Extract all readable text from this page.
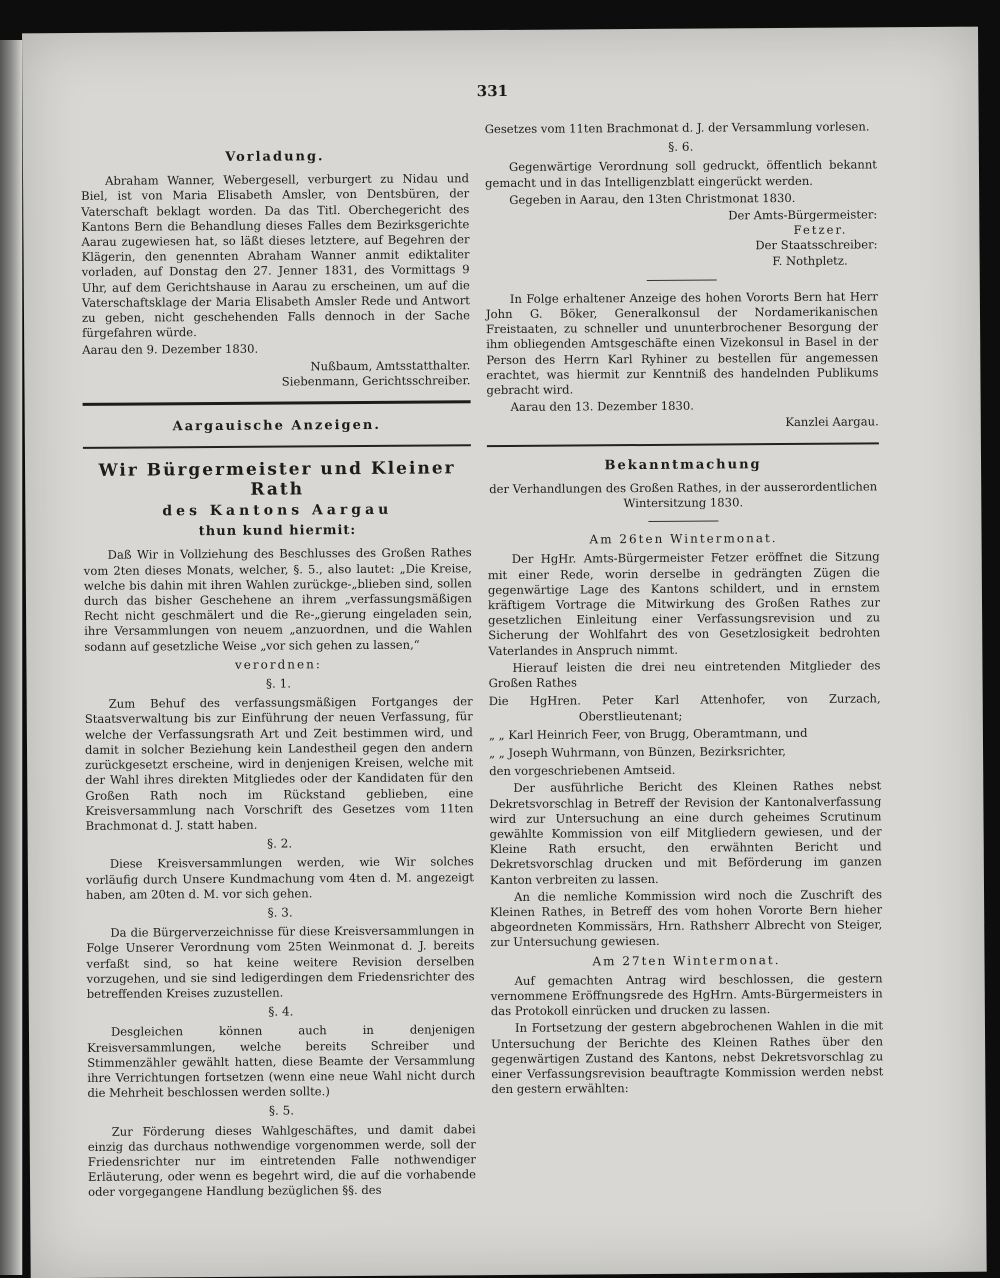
331
Vorladung.

Abraham Wanner, Webergesell, verburgert zu Nidau und Biel, ist von Maria Elisabeth Amsler, von Dentsbüren, der Vaterschaft beklagt worden. Da das Titl. Oberchegericht des Kantons Bern die Behandlung dieses Falles dem Bezirksgerichte Aarau zugewiesen hat, so läßt dieses letztere, auf Begehren der Klägerin, den genennten Abraham Wanner anmit ediktaliter vorladen, auf Donstag den 27. Jenner 1831, des Vormittags 9 Uhr, auf dem Gerichtshause in Aarau zu erscheinen, um auf die Vaterschaftsklage der Maria Elisabeth Amsler Rede und Antwort zu geben, nicht geschehenden Falls dennoch in der Sache fürgefahren würde.

Aarau den 9. Dezember 1830.

Nußbaum, Amtsstatthalter.

Siebenmann, Gerichtsschreiber.

Aargauische Anzeigen.
Wir Bürgermeister und Kleiner Rath
des Kantons Aargau
thun kund hiermit:

Daß Wir in Vollziehung des Beschlusses des Großen Rathes vom 2ten dieses Monats, welcher, §. 5., also lautet: „Die Kreise, welche bis dahin mit ihren Wahlen zurückge-„blieben sind, sollen durch das bisher Geschehene an ihrem „verfassungsmäßigen Recht nicht geschmälert und die Re-„gierung eingeladen sein, ihre Versammlungen von neuem „anzuordnen, und die Wahlen sodann auf gesetzliche Weise „vor sich gehen zu lassen,“

verordnen:
§. 1.

Zum Behuf des verfassungsmäßigen Fortganges der Staatsverwaltung bis zur Einführung der neuen Verfassung, für welche der Verfassungsrath Art und Zeit bestimmen wird, und damit in solcher Beziehung kein Landestheil gegen den andern zurückgesetzt erscheine, wird in denjenigen Kreisen, welche mit der Wahl ihres direkten Mitgliedes oder der Kandidaten für den Großen Rath noch im Rückstand geblieben, eine Kreisversammlung nach Vorschrift des Gesetzes vom 11ten Brachmonat d. J. statt haben.

§. 2.

Diese Kreisversammlungen werden, wie Wir solches vorläufig durch Unsere Kundmachung vom 4ten d. M. angezeigt haben, am 20ten d. M. vor sich gehen.

§. 3.

Da die Bürgerverzeichnisse für diese Kreisversammlungen in Folge Unserer Verordnung vom 25ten Weinmonat d. J. bereits verfaßt sind, so hat keine weitere Revision derselben vorzugehen, und sie sind ledigerdingen dem Friedensrichter des betreffenden Kreises zuzustellen.

§. 4.

Desgleichen können auch in denjenigen Kreisversammlungen, welche bereits Schreiber und Stimmenzähler gewählt hatten, diese Beamte der Versammlung ihre Verrichtungen fortsetzen (wenn eine neue Wahl nicht durch die Mehrheit beschlossen werden sollte.)

§. 5.

Zur Förderung dieses Wahlgeschäftes, und damit dabei einzig das durchaus nothwendige vorgenommen werde, soll der Friedensrichter nur im eintretenden Falle nothwendiger Erläuterung, oder wenn es begehrt wird, die auf die vorhabende oder vorgegangene Handlung bezüglichen §§. des

Gesetzes vom 11ten Brachmonat d. J. der Versammlung vorlesen.

§. 6.

Gegenwärtige Verordnung soll gedruckt, öffentlich bekannt gemacht und in das Intelligenzblatt eingerückt werden.

Gegeben in Aarau, den 13ten Christmonat 1830.

Der Amts-Bürgermeister:

Fetzer.

Der Staatsschreiber:

F. Nothpletz.

In Folge erhaltener Anzeige des hohen Vororts Bern hat Herr John G. Böker, Generalkonsul der Nordamerikanischen Freistaaten, zu schneller und ununterbrochener Besorgung der ihm obliegenden Amtsgeschäfte einen Vizekonsul in Basel in der Person des Herrn Karl Ryhiner zu bestellen für angemessen erachtet, was hiermit zur Kenntniß des handelnden Publikums gebracht wird.

Aarau den 13. Dezember 1830.

Kanzlei Aargau.

Bekanntmachung

der Verhandlungen des Großen Rathes, in der ausserordentlichen Wintersitzung 1830.

Am 26ten Wintermonat.

Der HgHr. Amts-Bürgermeister Fetzer eröffnet die Sitzung mit einer Rede, worin derselbe in gedrängten Zügen die gegenwärtige Lage des Kantons schildert, und in ernstem kräftigem Vortrage die Mitwirkung des Großen Rathes zur gesetzlichen Einleitung einer Verfassungsrevision und zu Sicherung der Wohlfahrt des von Gesetzlosigkeit bedrohten Vaterlandes in Anspruch nimmt.

Hierauf leisten die drei neu eintretenden Mitglieder des Großen Rathes

Die HgHren. Peter Karl Attenhofer, von Zurzach, Oberstlieutenant;

„ „ Karl Heinrich Feer, von Brugg, Oberamtmann, und

„ „ Joseph Wuhrmann, von Bünzen, Bezirksrichter,

den vorgeschriebenen Amtseid.

Der ausführliche Bericht des Kleinen Rathes nebst Dekretsvorschlag in Betreff der Revision der Kantonalverfassung wird zur Untersuchung an eine durch geheimes Scrutinum gewählte Kommission von eilf Mitgliedern gewiesen, und der Kleine Rath ersucht, den erwähnten Bericht und Dekretsvorschlag drucken und mit Beförderung im ganzen Kanton verbreiten zu lassen.

An die nemliche Kommission wird noch die Zuschrift des Kleinen Rathes, in Betreff des vom hohen Vororte Bern hieher abgeordneten Kommissärs, Hrn. Rathsherr Albrecht von Steiger, zur Untersuchung gewiesen.

Am 27ten Wintermonat.

Auf gemachten Antrag wird beschlossen, die gestern vernommene Eröffnungsrede des HgHrn. Amts-Bürgermeisters in das Protokoll einrücken und drucken zu lassen.

In Fortsetzung der gestern abgebrochenen Wahlen in die mit Untersuchung der Berichte des Kleinen Rathes über den gegenwärtigen Zustand des Kantons, nebst Dekretsvorschlag zu einer Verfassungsrevision beauftragte Kommission werden nebst den gestern erwählten:
